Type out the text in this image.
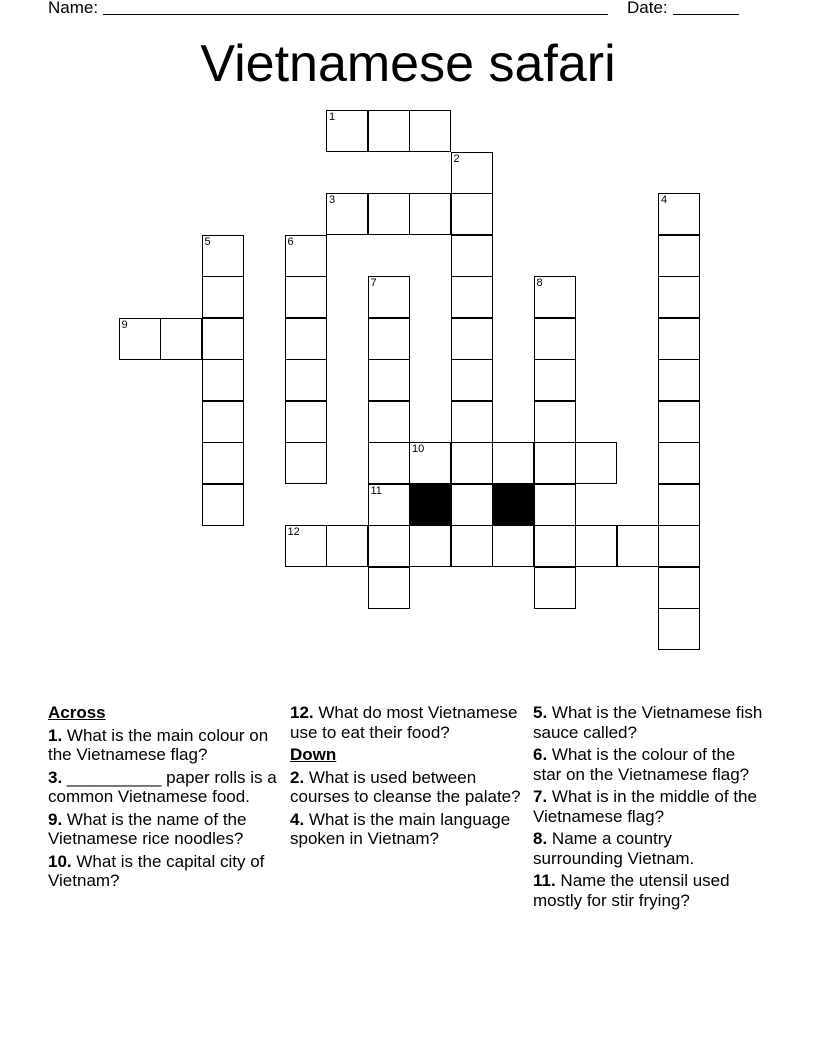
Name:	Date:
Vietnamese safari
1
2
3	4
5	6
7	8
9
10
11
12
Across
1. What is the main colour on the Vietnamese flag?
3. __________ paper rolls is a common Vietnamese food.
9. What is the name of the Vietnamese rice noodles?
10. What is the capital city of Vietnam?
12. What do most Vietnamese use to eat their food?
Down
2. What is used between courses to cleanse the palate?
4. What is the main language spoken in Vietnam?
5. What is the Vietnamese fish sauce called?
6. What is the colour of the star on the Vietnamese flag?
7. What is in the middle of the Vietnamese flag?
8. Name a country surrounding Vietnam.
11. Name the utensil used mostly for stir frying?
